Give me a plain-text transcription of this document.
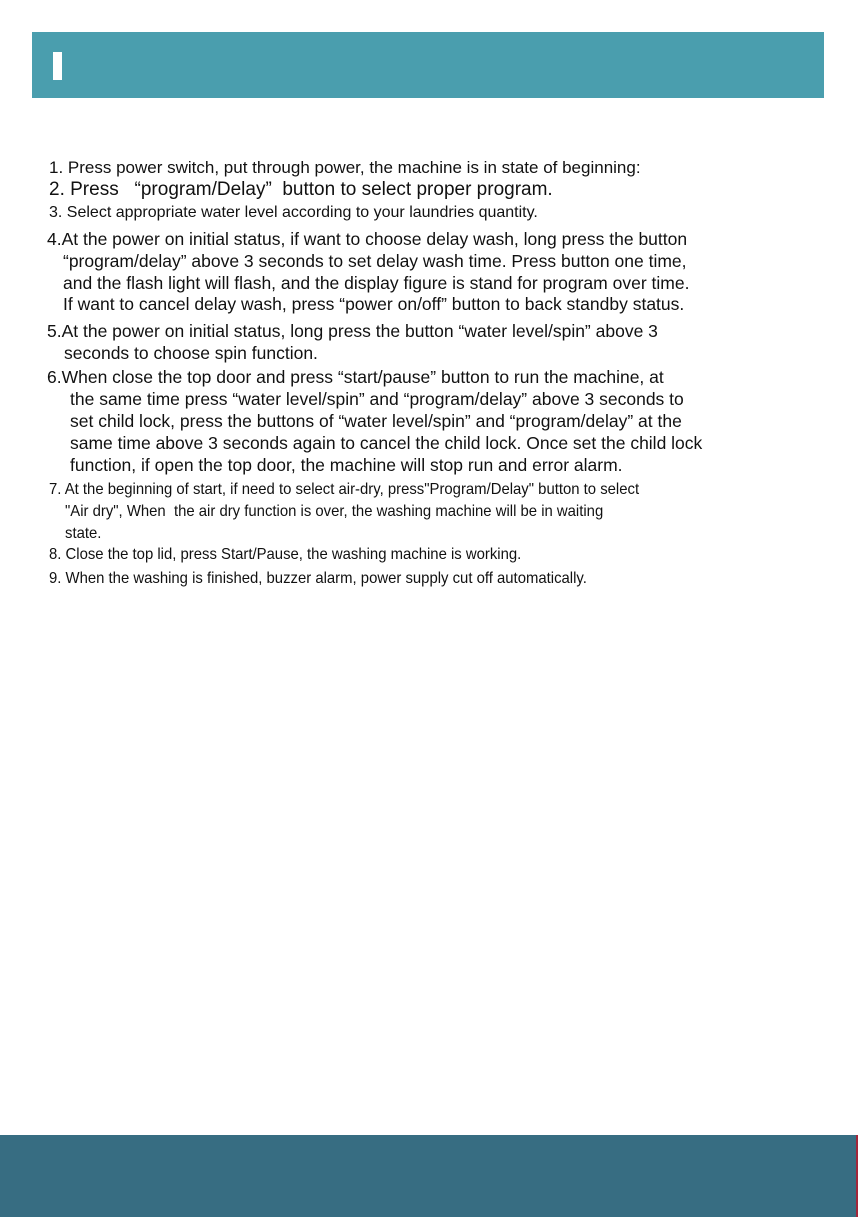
1. Press power switch, put through power, the machine is in state of beginning:
2. Press   “program/Delay”  button to select proper program.
3. Select appropriate water level according to your laundries quantity.
4.At the power on initial status, if want to choose delay wash, long press the button
“program/delay” above 3 seconds to set delay wash time. Press button one time,
and the flash light will flash, and the display figure is stand for program over time.
If want to cancel delay wash, press “power on/off” button to back standby status.
5.At the power on initial status, long press the button “water level/spin” above 3
seconds to choose spin function.
6.When close the top door and press “start/pause” button to run the machine, at
the same time press “water level/spin” and “program/delay” above 3 seconds to
set child lock, press the buttons of “water level/spin” and “program/delay” at the
same time above 3 seconds again to cancel the child lock. Once set the child lock
function, if open the top door, the machine will stop run and error alarm.
7. At the beginning of start, if need to select air-dry, press"Program/Delay" button to select
"Air dry", When  the air dry function is over, the washing machine will be in waiting
state.
8. Close the top lid, press Start/Pause, the washing machine is working.
9. When the washing is finished, buzzer alarm, power supply cut off automatically.
